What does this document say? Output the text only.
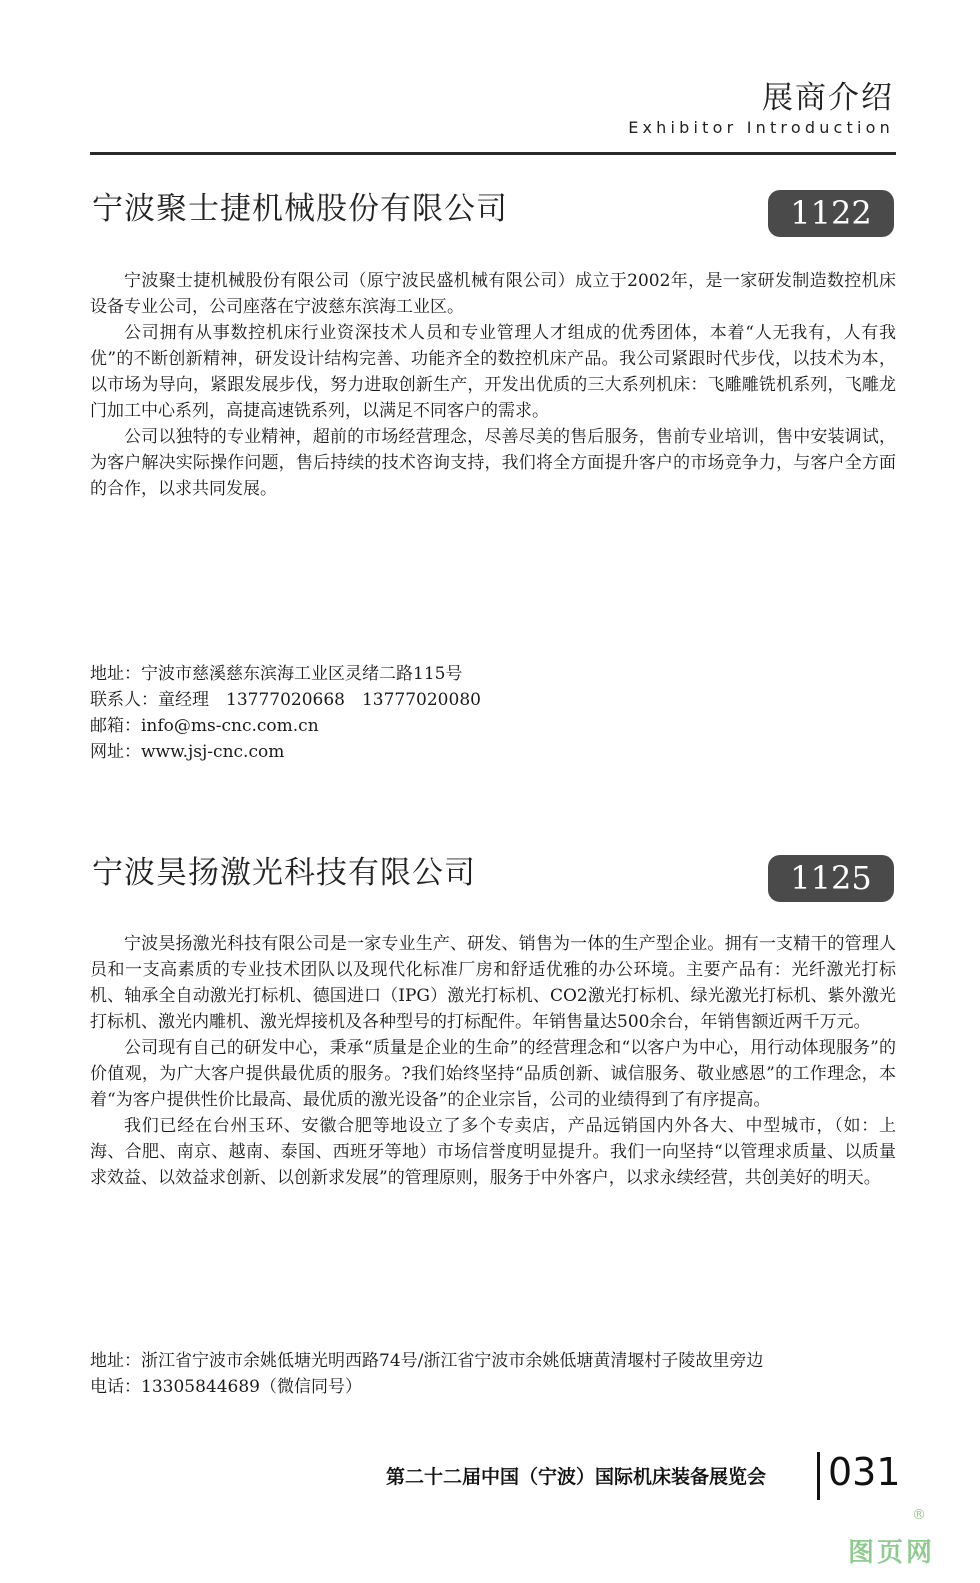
展商介绍
Exhibitor Introduction
宁波聚士捷机械股份有限公司	1122

宁波聚士捷机械股份有限公司（原宁波民盛机械有限公司）成立于2002年，是一家研发制造数控机床设备专业公司，公司座落在宁波慈东滨海工业区。

公司拥有从事数控机床行业资深技术人员和专业管理人才组成的优秀团体，本着“人无我有，人有我优”的不断创新精神，研发设计结构完善、功能齐全的数控机床产品。我公司紧跟时代步伐，以技术为本，以市场为导向，紧跟发展步伐，努力进取创新生产，开发出优质的三大系列机床：飞雕雕铣机系列，飞雕龙门加工中心系列，高捷高速铣系列，以满足不同客户的需求。

公司以独特的专业精神，超前的市场经营理念，尽善尽美的售后服务，售前专业培训，售中安装调试，为客户解决实际操作问题，售后持续的技术咨询支持，我们将全方面提升客户的市场竞争力，与客户全方面的合作，以求共同发展。

地址：宁波市慈溪慈东滨海工业区灵绪二路115号
联系人：童经理　13777020668　13777020080
邮箱：info@ms-cnc.com.cn
网址：www.jsj-cnc.com
宁波昊扬激光科技有限公司	1125

宁波昊扬激光科技有限公司是一家专业生产、研发、销售为一体的生产型企业。拥有一支精干的管理人员和一支高素质的专业技术团队以及现代化标准厂房和舒适优雅的办公环境。主要产品有：光纤激光打标机、轴承全自动激光打标机、德国进口（IPG）激光打标机、CO2激光打标机、绿光激光打标机、紫外激光打标机、激光内雕机、激光焊接机及各种型号的打标配件。年销售量达500余台，年销售额近两千万元。

公司现有自己的研发中心，秉承“质量是企业的生命”的经营理念和“以客户为中心，用行动体现服务”的价值观，为广大客户提供最优质的服务。?我们始终坚持“品质创新、诚信服务、敬业感恩”的工作理念，本着“为客户提供性价比最高、最优质的激光设备”的企业宗旨，公司的业绩得到了有序提高。

我们已经在台州玉环、安徽合肥等地设立了多个专卖店，产品远销国内外各大、中型城市，（如：上海、合肥、南京、越南、泰国、西班牙等地）市场信誉度明显提升。我们一向坚持“以管理求质量、以质量求效益、以效益求创新、以创新求发展”的管理原则，服务于中外客户，以求永续经营，共创美好的明天。

地址：浙江省宁波市余姚低塘光明西路74号/浙江省宁波市余姚低塘黄清堰村子陵故里旁边
电话：13305844689（微信同号）
第二十二届中国（宁波）国际机床装备展览会 031
图页网
®
